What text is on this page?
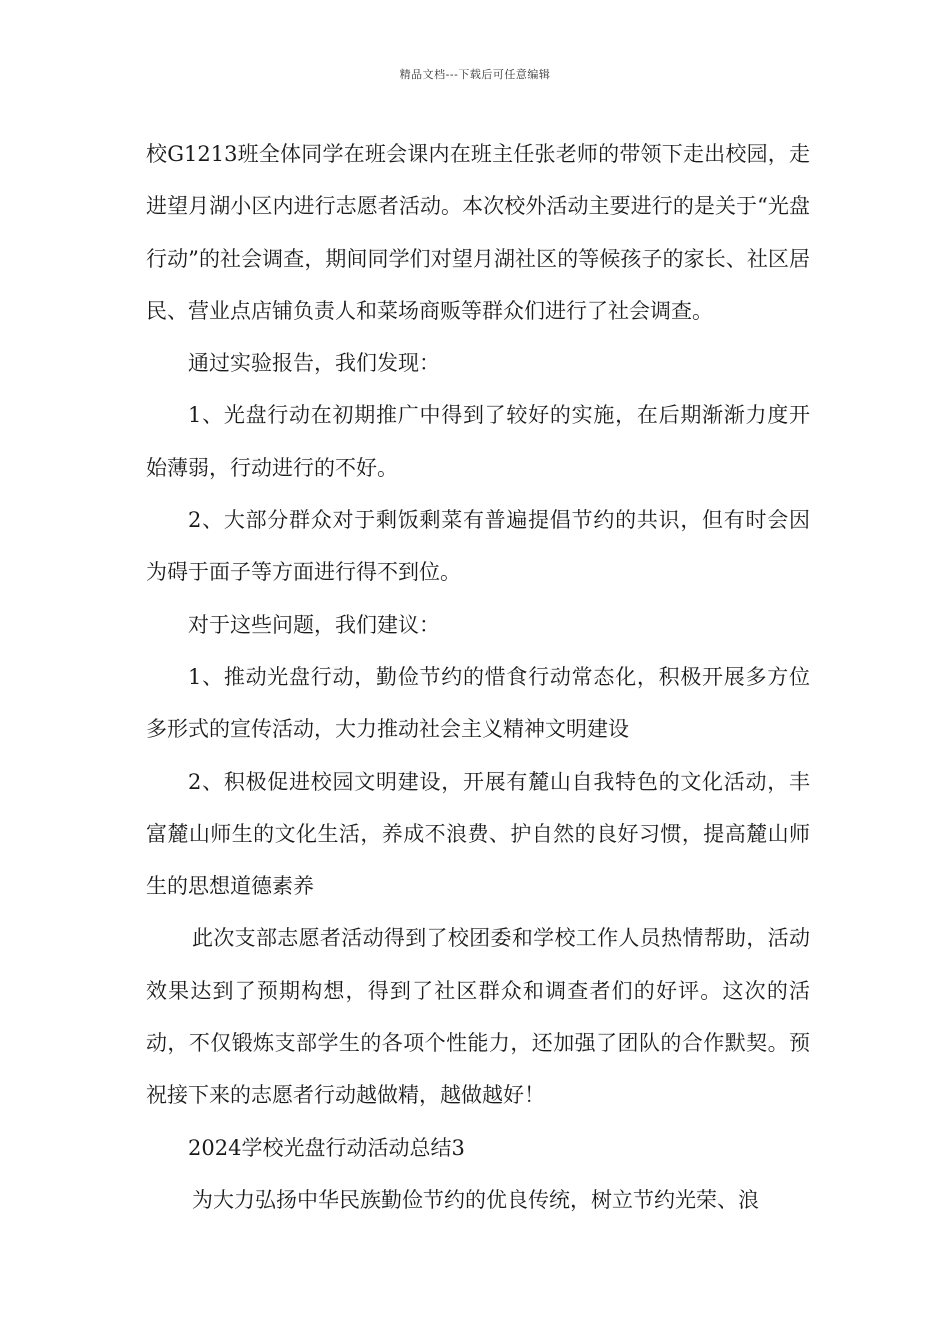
精品文档---下载后可任意编辑

校G1213班全体同学在班会课内在班主任张老师的带领下走出校园，走进望月湖小区内进行志愿者活动。本次校外活动主要进行的是关于“光盘行动”的社会调查，期间同学们对望月湖社区的等候孩子的家长、社区居民、营业点店铺负责人和菜场商贩等群众们进行了社会调查。

通过实验报告，我们发现：

1、光盘行动在初期推广中得到了较好的实施，在后期渐渐力度开始薄弱，行动进行的不好。

2、大部分群众对于剩饭剩菜有普遍提倡节约的共识，但有时会因为碍于面子等方面进行得不到位。

对于这些问题，我们建议：

1、推动光盘行动，勤俭节约的惜食行动常态化，积极开展多方位多形式的宣传活动，大力推动社会主义精神文明建设

2、积极促进校园文明建设，开展有麓山自我特色的文化活动，丰富麓山师生的文化生活，养成不浪费、护自然的良好习惯，提高麓山师生的思想道德素养

此次支部志愿者活动得到了校团委和学校工作人员热情帮助，活动效果达到了预期构想，得到了社区群众和调查者们的好评。这次的活动，不仅锻炼支部学生的各项个性能力，还加强了团队的合作默契。预祝接下来的志愿者行动越做精，越做越好！

2024学校光盘行动活动总结3

为大力弘扬中华民族勤俭节约的优良传统，树立节约光荣、浪
